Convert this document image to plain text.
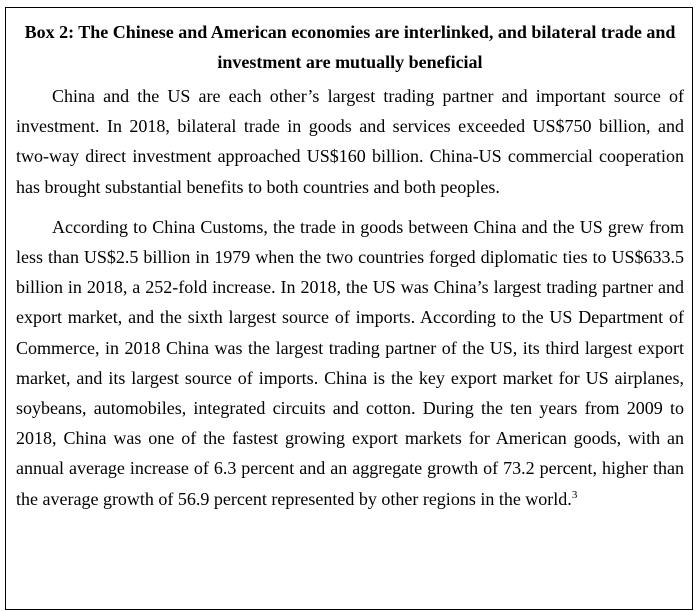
Box 2: The Chinese and American economies are interlinked, and bilateral trade and investment are mutually beneficial

China and the US are each other’s largest trading partner and important source of investment. In 2018, bilateral trade in goods and services exceeded US$750 billion, and two-way direct investment approached US$160 billion. China-US commercial cooperation has brought substantial benefits to both countries and both peoples.

According to China Customs, the trade in goods between China and the US grew from less than US$2.5 billion in 1979 when the two countries forged diplomatic ties to US$633.5 billion in 2018, a 252-fold increase. In 2018, the US was China’s largest trading partner and export market, and the sixth largest source of imports. According to the US Department of Commerce, in 2018 China was the largest trading partner of the US, its third largest export market, and its largest source of imports. China is the key export market for US airplanes, soybeans, automobiles, integrated circuits and cotton. During the ten years from 2009 to 2018, China was one of the fastest growing export markets for American goods, with an annual average increase of 6.3 percent and an aggregate growth of 73.2 percent, higher than the average growth of 56.9 percent represented by other regions in the world.$^3$
